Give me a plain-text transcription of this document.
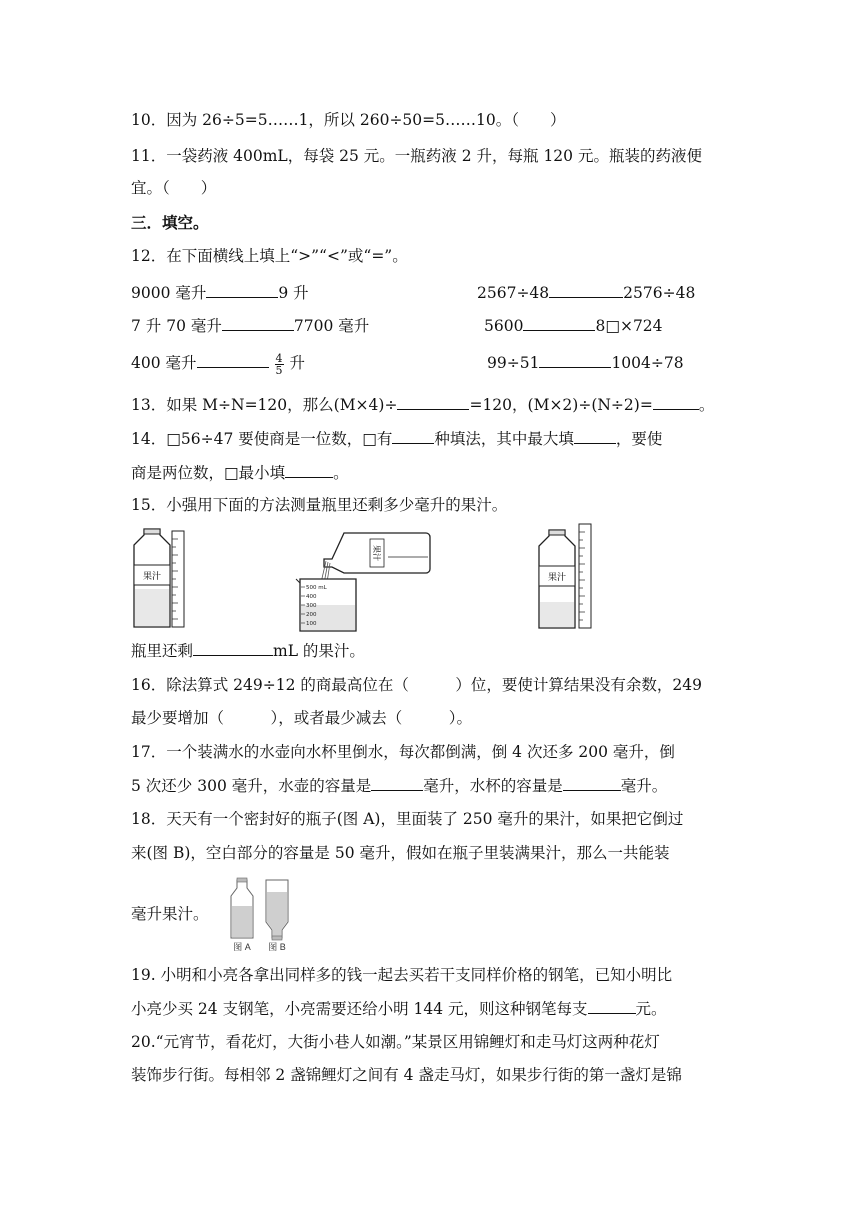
10．因为 26÷5=5……1，所以 260÷50=5……10。（　　）
11．一袋药液 400mL，每袋 25 元。一瓶药液 2 升，每瓶 120 元。瓶装的药液便
宜。（　　）
三．填空。
12．在下面横线上填上“>”“<”或“=”。
9000 毫升	9 升	2567÷48	2576÷48
7 升 70 毫升	7700 毫升	5600	8□×724
400 毫升	$\frac{4}{5}$ 升	99÷51	1004÷78
13．如果 M÷N=120，那么(M×4)÷	=120，(M×2)÷(N÷2)=	。
14．□56÷47 要使商是一位数，□有	种填法，其中最大填	，要使
商是两位数，□最小填	。
15．小强用下面的方法测量瓶里还剩多少毫升的果汁。
果汁
果汁
500 mL
400
300
200
100
果汁
瓶里还剩	mL 的果汁。
16．除法算式 249÷12 的商最高位在（　　　）位，要使计算结果没有余数，249
最少要增加（　　　），或者最少减去（　　　）。
17．一个装满水的水壶向水杯里倒水，每次都倒满，倒 4 次还多 200 毫升，倒
5 次还少 300 毫升，水壶的容量是	毫升，水杯的容量是	毫升。
18．天天有一个密封好的瓶子(图 A)，里面装了 250 毫升的果汁，如果把它倒过
来(图 B)，空白部分的容量是 50 毫升，假如在瓶子里装满果汁，那么一共能装
毫升果汁。
图 A 图 B
19. 小明和小亮各拿出同样多的钱一起去买若干支同样价格的钢笔，已知小明比
小亮少买 24 支钢笔，小亮需要还给小明 144 元，则这种钢笔每支	元。
20.“元宵节，看花灯，大街小巷人如潮。”某景区用锦鲤灯和走马灯这两种花灯
装饰步行街。每相邻 2 盏锦鲤灯之间有 4 盏走马灯，如果步行街的第一盏灯是锦
